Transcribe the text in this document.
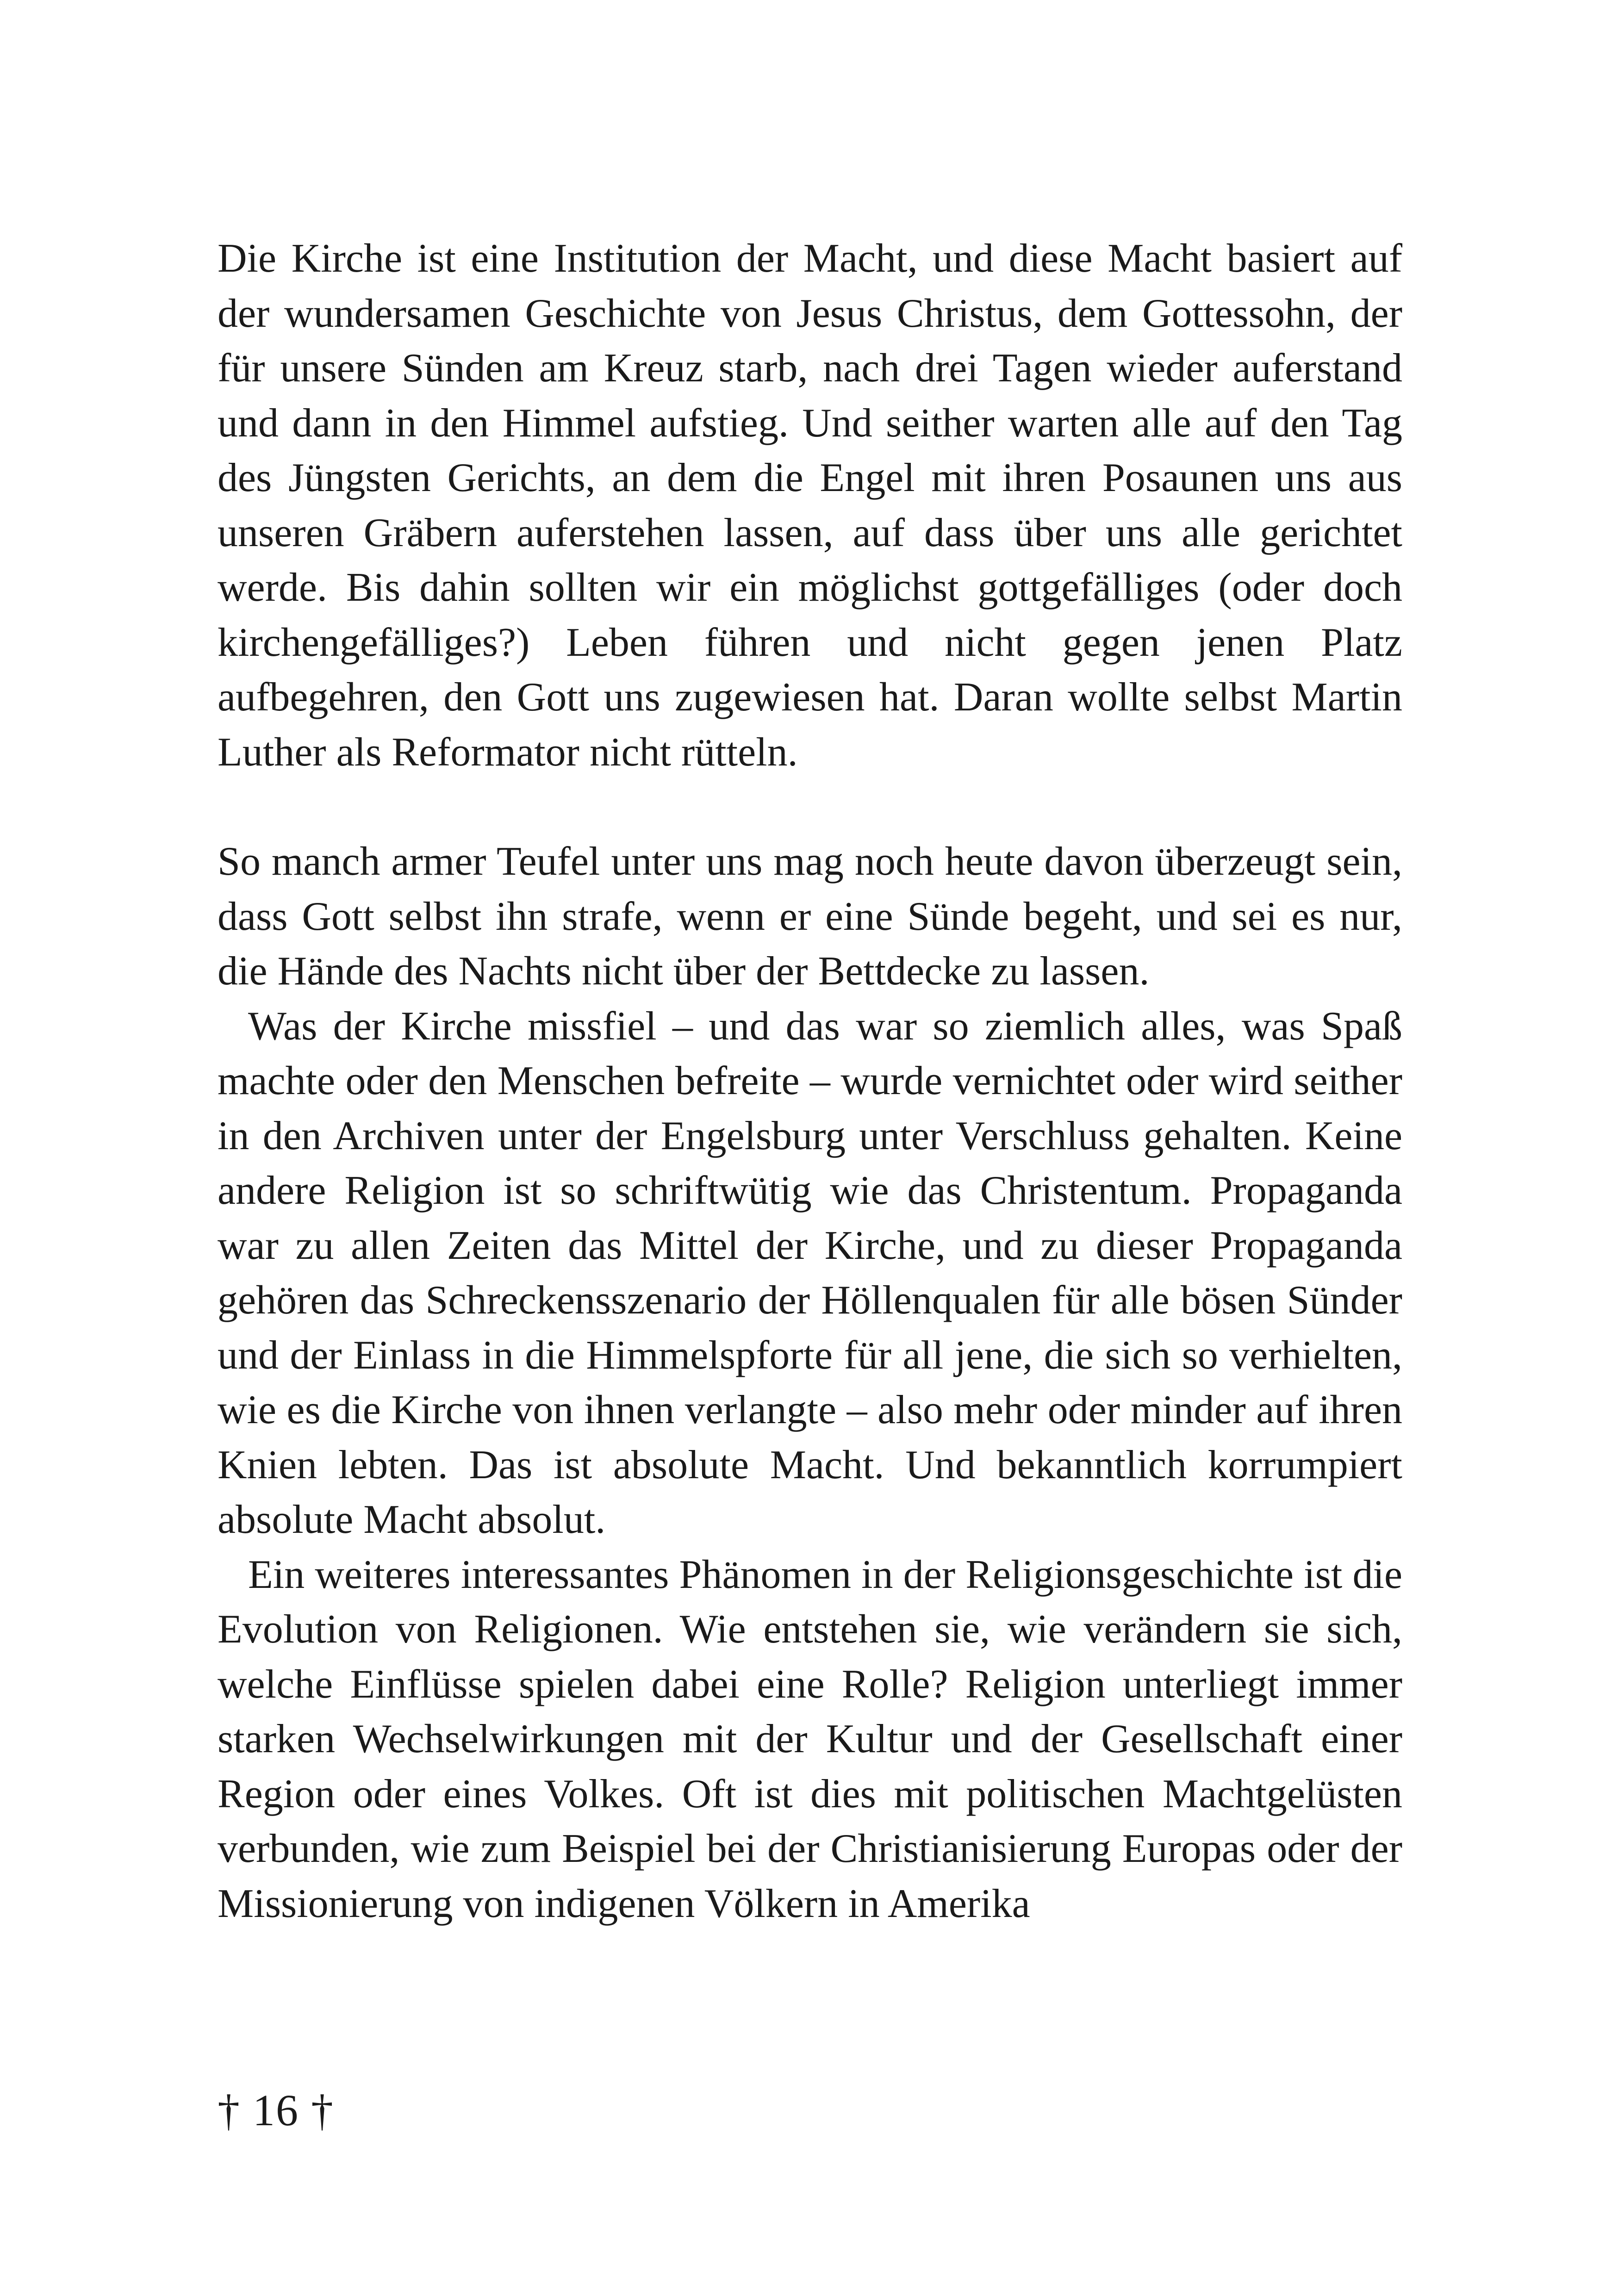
Die Kirche ist eine Institution der Macht, und diese Macht basiert auf der wundersamen Geschichte von Jesus Christus, dem Gottessohn, der für unsere Sünden am Kreuz starb, nach drei Tagen wieder auferstand und dann in den Himmel aufstieg. Und seither warten alle auf den Tag des Jüngsten Gerichts, an dem die Engel mit ihren Posaunen uns aus unseren Gräbern auferstehen lassen, auf dass über uns alle gerichtet werde. Bis dahin sollten wir ein möglichst gottgefälliges (oder doch kirchengefälliges?) Leben führen und nicht gegen jenen Platz aufbegehren, den Gott uns zugewiesen hat. Daran wollte selbst Martin Luther als Reformator nicht rütteln.

So manch armer Teufel unter uns mag noch heute davon überzeugt sein, dass Gott selbst ihn strafe, wenn er eine Sünde begeht, und sei es nur, die Hände des Nachts nicht über der Bettdecke zu lassen.

Was der Kirche missfiel – und das war so ziemlich alles, was Spaß machte oder den Menschen befreite – wurde vernichtet oder wird seither in den Archiven unter der Engelsburg unter Verschluss gehalten. Keine andere Religion ist so schriftwütig wie das Christentum. Propaganda war zu allen Zeiten das Mittel der Kirche, und zu dieser Propaganda gehören das Schreckensszenario der Höllenqualen für alle bösen Sünder und der Einlass in die Himmelspforte für all jene, die sich so verhielten, wie es die Kirche von ihnen verlangte – also mehr oder minder auf ihren Knien lebten. Das ist absolute Macht. Und bekanntlich korrumpiert absolute Macht absolut.

Ein weiteres interessantes Phänomen in der Religionsgeschichte ist die Evolution von Religionen. Wie entstehen sie, wie verändern sie sich, welche Einflüsse spielen dabei eine Rolle? Religion unterliegt immer starken Wechselwirkungen mit der Kultur und der Gesellschaft einer Region oder eines Volkes. Oft ist dies mit politischen Machtgelüsten verbunden, wie zum Beispiel bei der Christianisierung Europas oder der Missionierung von indigenen Völkern in Amerika

† 16 †
